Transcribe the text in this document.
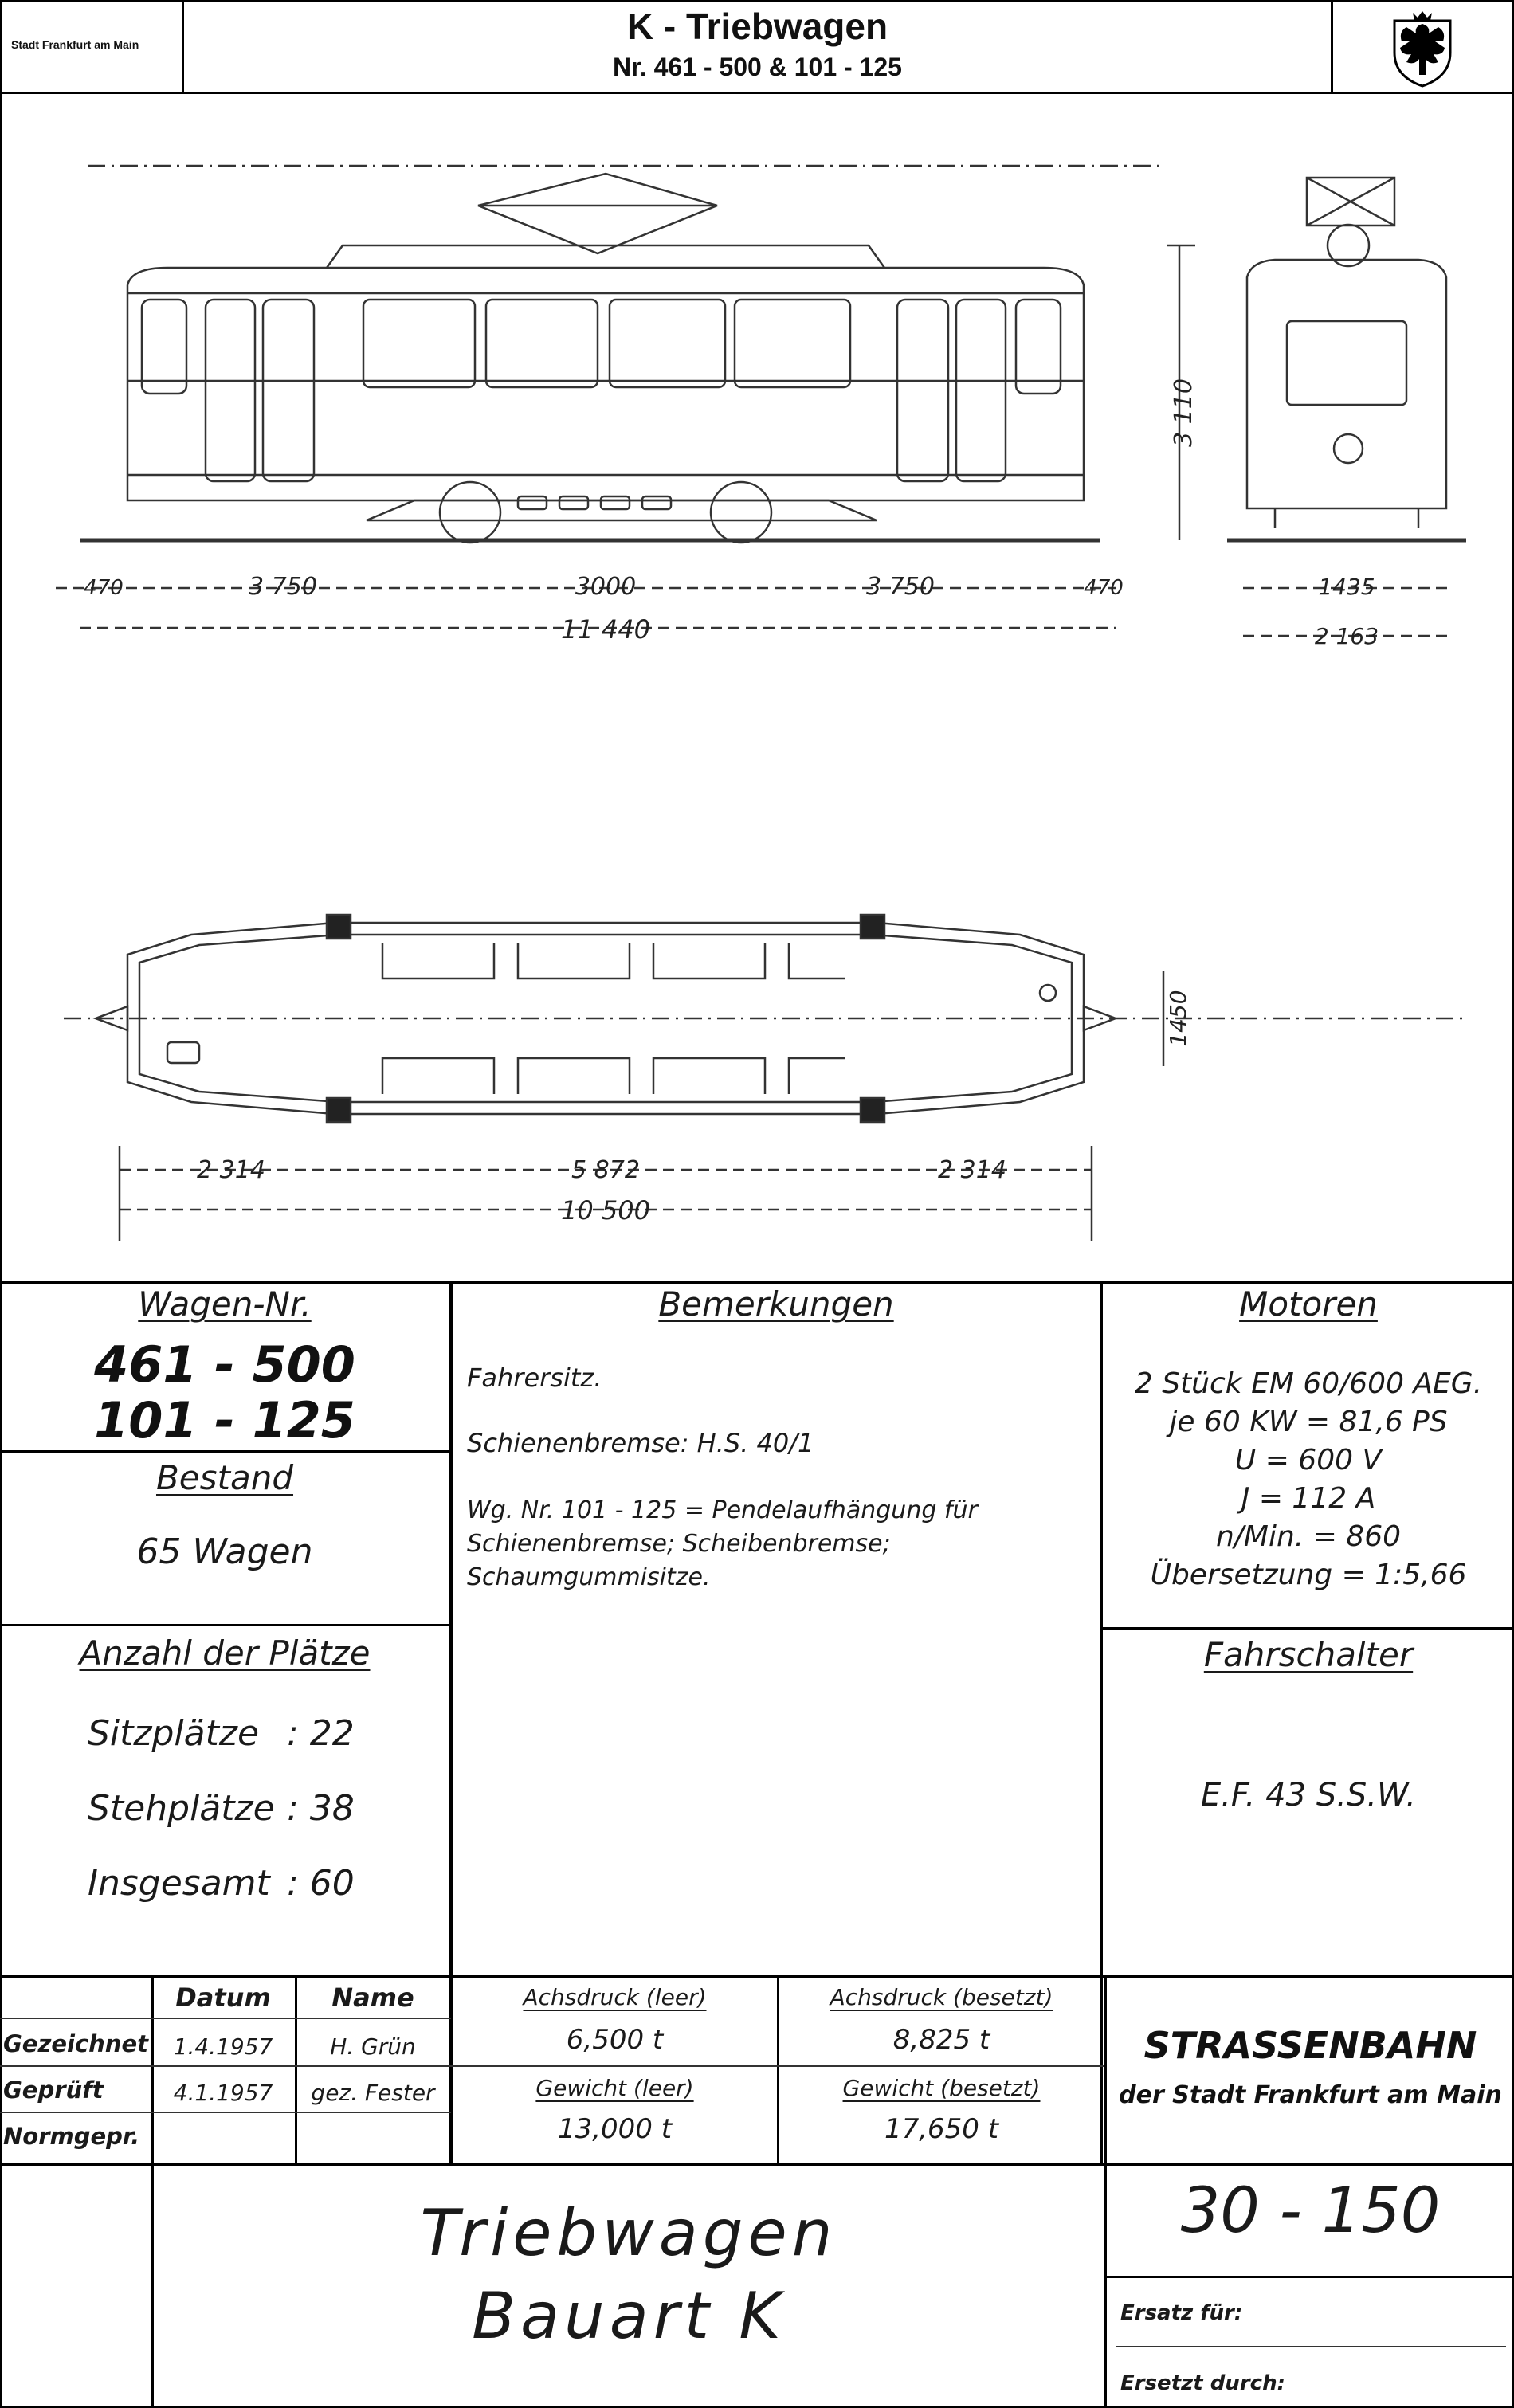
Stadt Frankfurt am Main	K - Triebwagen
Nr. 461 - 500 & 101 - 125
3 110
470	3 750	3000	3 750	470
11 440
1435
2 163
1450
2 314	5 872	2 314
10 500
Wagen-Nr.
461 - 500
101 - 125
Bestand
65 Wagen
Anzahl der Plätze
Sitzplätze : 22
Stehplätze : 38
Insgesamt : 60
Bemerkungen
Fahrersitz.
Schienenbremse: H.S. 40/1
Wg. Nr. 101 - 125 = Pendelaufhängung für
Schienenbremse; Scheibenbremse;
Schaumgummisitze.
Motoren
2 Stück EM 60/600 AEG.
je 60 KW = 81,6 PS
U = 600 V
J = 112 A
n/Min. = 860
Übersetzung = 1:5,66
Fahrschalter
E.F. 43 S.S.W.
Datum	Name
Gezeichnet	1.4.1957	H. Grün
Geprüft	4.1.1957	gez. Fester
Normgepr.
Achsdruck (leer)
6,500 t
Achsdruck (besetzt)
8,825 t
Gewicht (leer)
13,000 t
Gewicht (besetzt)
17,650 t
STRASSENBAHN
der Stadt Frankfurt am Main
Triebwagen
Bauart K
30 - 150
Ersatz für:
Ersetzt durch:
